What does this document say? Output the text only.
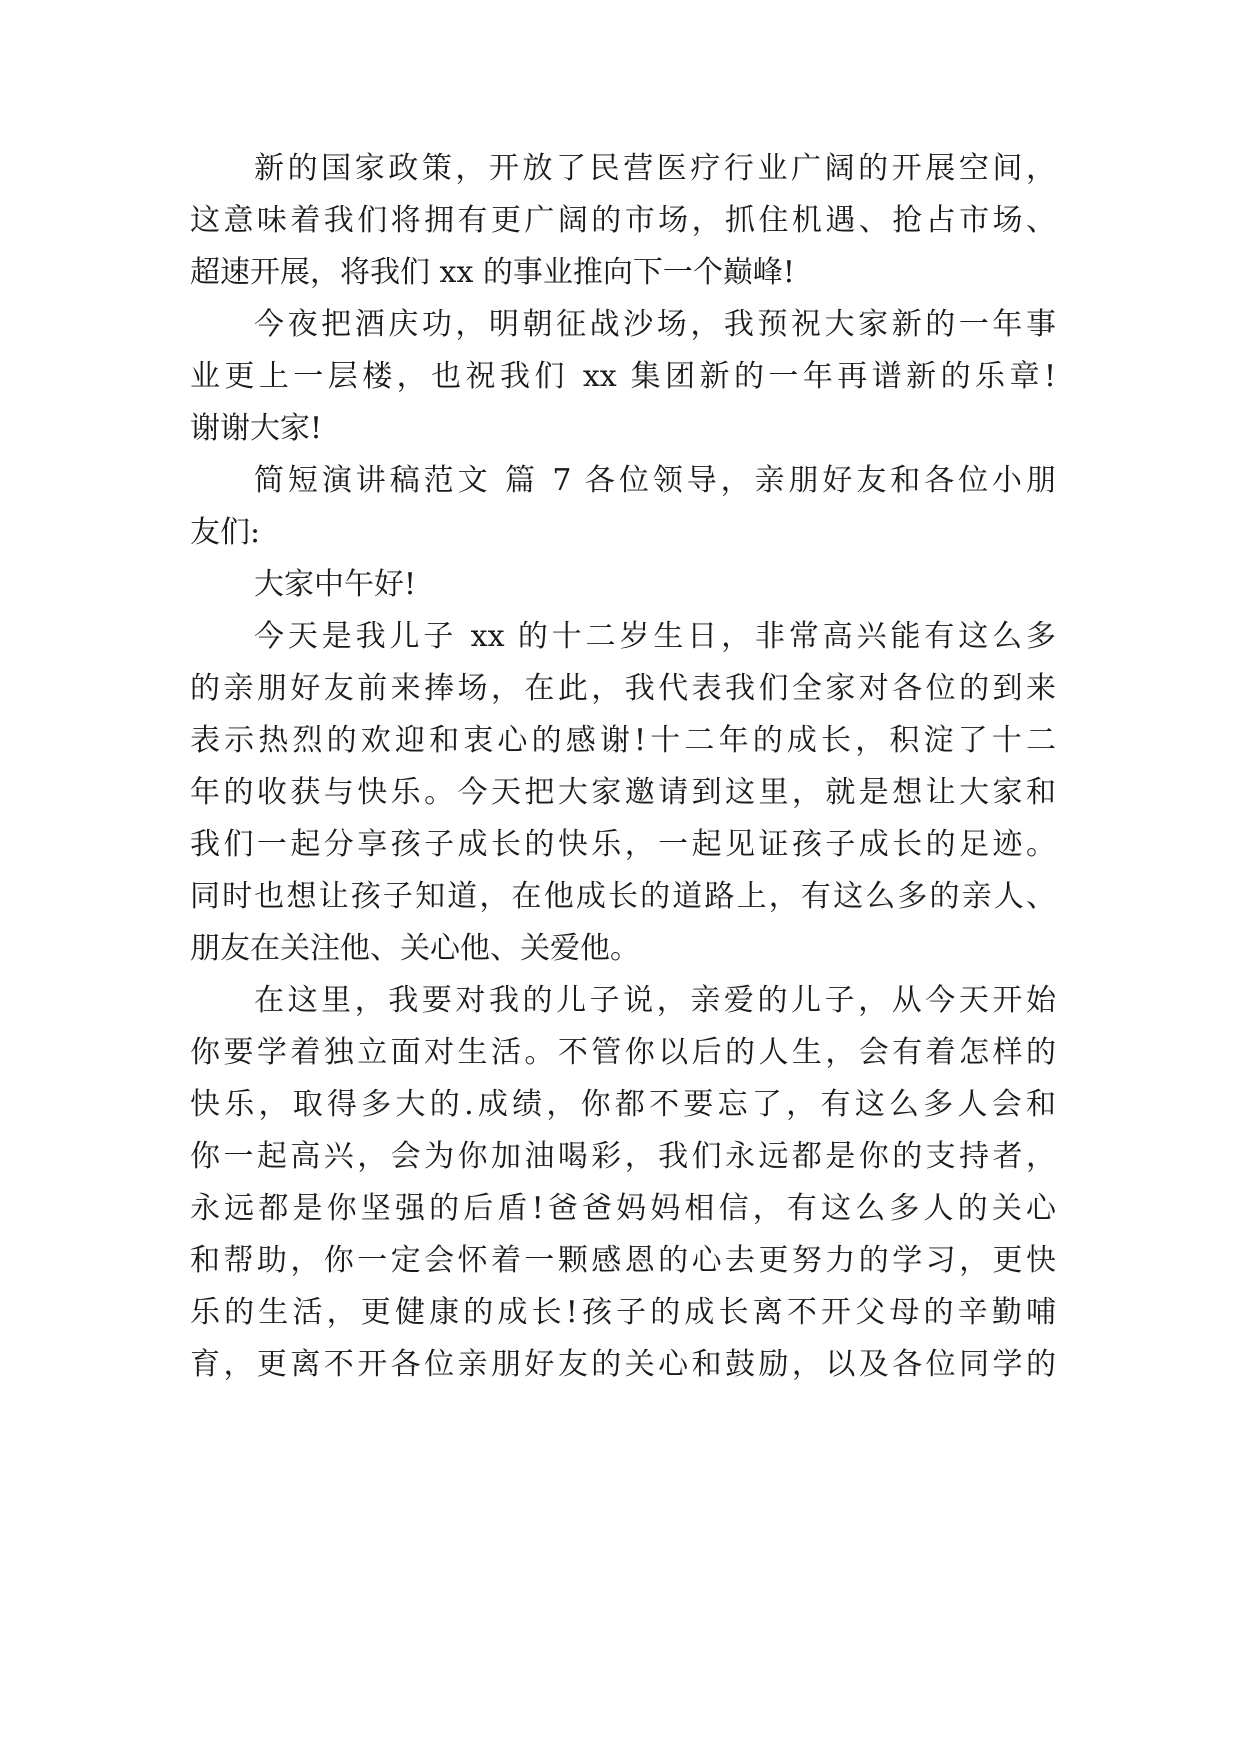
新的国家政策，开放了民营医疗行业广阔的开展空间，

这意味着我们将拥有更广阔的市场，抓住机遇、抢占市场、

超速开展，将我们 xx 的事业推向下一个巅峰!

今夜把酒庆功，明朝征战沙场，我预祝大家新的一年事

业更上一层楼，也祝我们 xx 集团新的一年再谱新的乐章!

谢谢大家!

简短演讲稿范文 篇 7 各位领导，亲朋好友和各位小朋

友们:

大家中午好!

今天是我儿子 xx 的十二岁生日，非常高兴能有这么多

的亲朋好友前来捧场，在此，我代表我们全家对各位的到来

表示热烈的欢迎和衷心的感谢!十二年的成长，积淀了十二

年的收获与快乐。今天把大家邀请到这里，就是想让大家和

我们一起分享孩子成长的快乐，一起见证孩子成长的足迹。

同时也想让孩子知道，在他成长的道路上，有这么多的亲人、

朋友在关注他、关心他、关爱他。

在这里，我要对我的儿子说，亲爱的儿子，从今天开始

你要学着独立面对生活。不管你以后的人生，会有着怎样的

快乐，取得多大的.成绩，你都不要忘了，有这么多人会和

你一起高兴，会为你加油喝彩，我们永远都是你的支持者，

永远都是你坚强的后盾!爸爸妈妈相信，有这么多人的关心

和帮助，你一定会怀着一颗感恩的心去更努力的学习，更快

乐的生活，更健康的成长!孩子的成长离不开父母的辛勤哺

育，更离不开各位亲朋好友的关心和鼓励，以及各位同学的
